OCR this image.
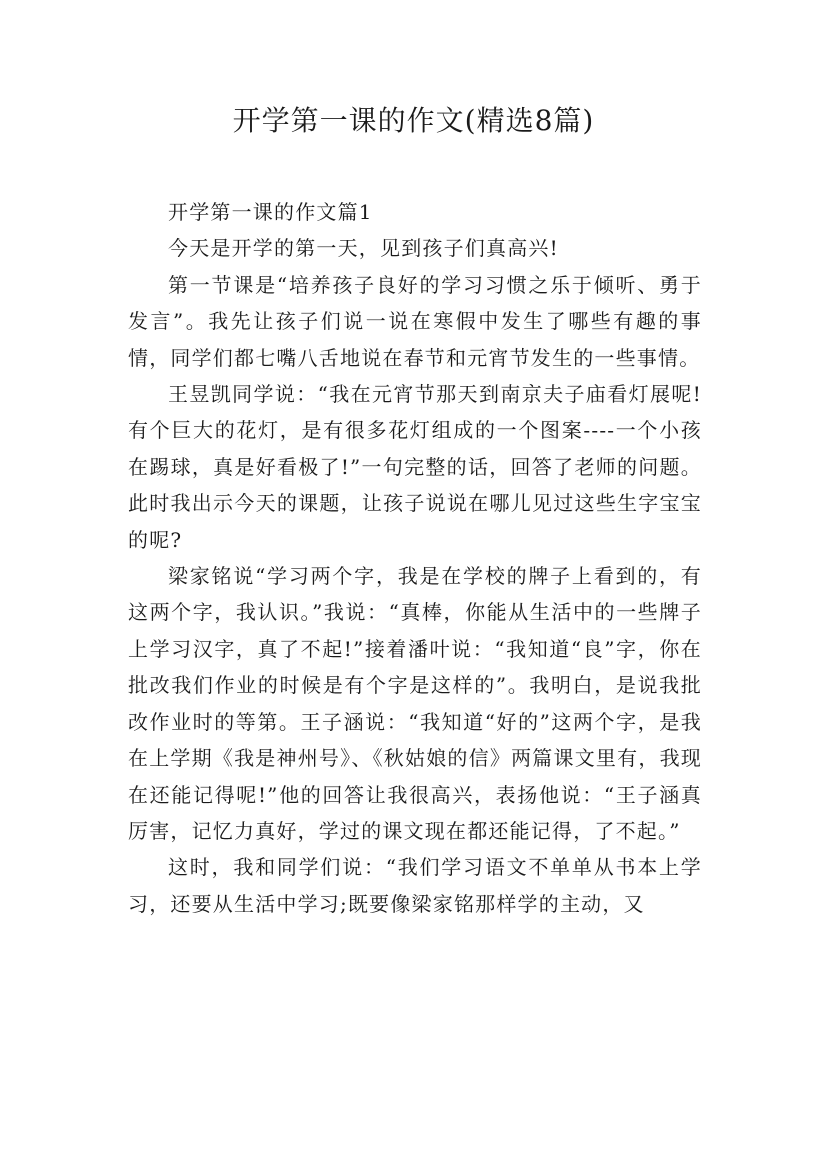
开学第一课的作文(精选8篇)

开学第一课的作文篇1

今天是开学的第一天，见到孩子们真高兴!

第一节课是“培养孩子良好的学习习惯之乐于倾听、勇于发言”。我先让孩子们说一说在寒假中发生了哪些有趣的事情，同学们都七嘴八舌地说在春节和元宵节发生的一些事情。

王昱凯同学说：“我在元宵节那天到南京夫子庙看灯展呢!有个巨大的花灯，是有很多花灯组成的一个图案----一个小孩在踢球，真是好看极了!”一句完整的话，回答了老师的问题。此时我出示今天的课题，让孩子说说在哪儿见过这些生字宝宝的呢?

梁家铭说“学习两个字，我是在学校的牌子上看到的，有这两个字，我认识。”我说：“真棒，你能从生活中的一些牌子上学习汉字，真了不起!”接着潘叶说：“我知道“良”字，你在批改我们作业的时候是有个字是这样的”。我明白，是说我批改作业时的等第。王子涵说：“我知道“好的”这两个字，是我在上学期《我是神州号》、《秋姑娘的信》两篇课文里有，我现在还能记得呢!”他的回答让我很高兴，表扬他说：“王子涵真厉害，记忆力真好，学过的课文现在都还能记得，了不起。”

这时，我和同学们说：“我们学习语文不单单从书本上学习，还要从生活中学习;既要像梁家铭那样学的主动，又
